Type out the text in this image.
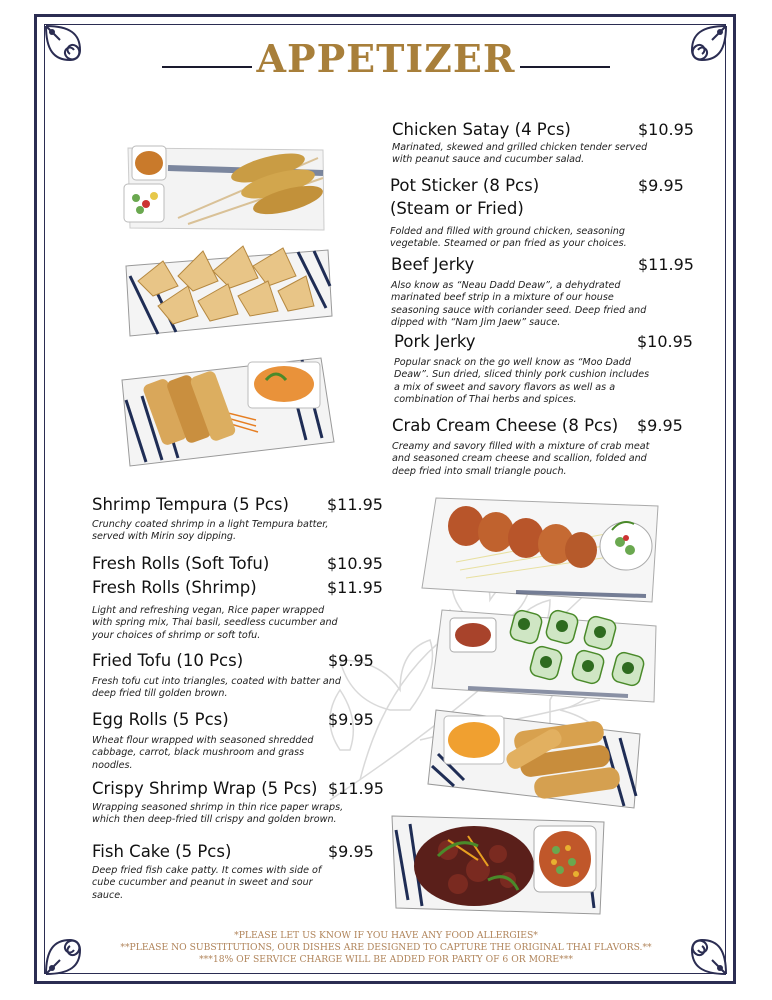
APPETIZER
Chicken Satay (4 Pcs)	$10.95
Marinated, skewed and grilled chicken tender served with peanut sauce and cucumber salad.
Pot Sticker (8 Pcs)	$9.95
(Steam or Fried)
Folded and filled with ground chicken, seasoning vegetable. Steamed or pan fried as your choices.
Beef Jerky	$11.95
Also know as “Neau Dadd Deaw”, a dehydrated marinated beef strip in a mixture of our house seasoning sauce with coriander seed. Deep fried and dipped with “Nam Jim Jaew” sauce.
Pork Jerky	$10.95
Popular snack on the go well know as “Moo Dadd Deaw”. Sun dried, sliced thinly pork cushion includes a mix of sweet and savory flavors as well as a combination of Thai herbs and spices.
Crab Cream Cheese (8 Pcs)	$9.95
Creamy and savory filled with a mixture of crab meat and seasoned cream cheese and scallion, folded and deep fried into small triangle pouch.
Shrimp Tempura (5 Pcs)	$11.95
Crunchy coated shrimp in a light Tempura batter, served with Mirin soy dipping.
Fresh Rolls (Soft Tofu)	$10.95
Fresh Rolls (Shrimp)	$11.95
Light and refreshing vegan, Rice paper wrapped with spring mix, Thai basil, seedless cucumber and your choices of shrimp or soft tofu.
Fried Tofu (10 Pcs)	$9.95
Fresh tofu cut into triangles, coated with batter and deep fried till golden brown.
Egg Rolls (5 Pcs)	$9.95
Wheat flour wrapped with seasoned shredded cabbage, carrot, black mushroom and grass noodles.
Crispy Shrimp Wrap (5 Pcs) $11.95
Wrapping seasoned shrimp in thin rice paper wraps, which then deep-fried till crispy and golden brown.
Fish Cake (5 Pcs)	$9.95
Deep fried fish cake patty. It comes with side of cube cucumber and peanut in sweet and sour sauce.
*PLEASE LET US KNOW IF YOU HAVE ANY FOOD ALLERGIES*
**PLEASE NO SUBSTITUTIONS, OUR DISHES ARE DESIGNED TO CAPTURE THE ORIGINAL THAI FLAVORS.**
***18% OF SERVICE CHARGE WILL BE ADDED FOR PARTY OF 6 OR MORE***
